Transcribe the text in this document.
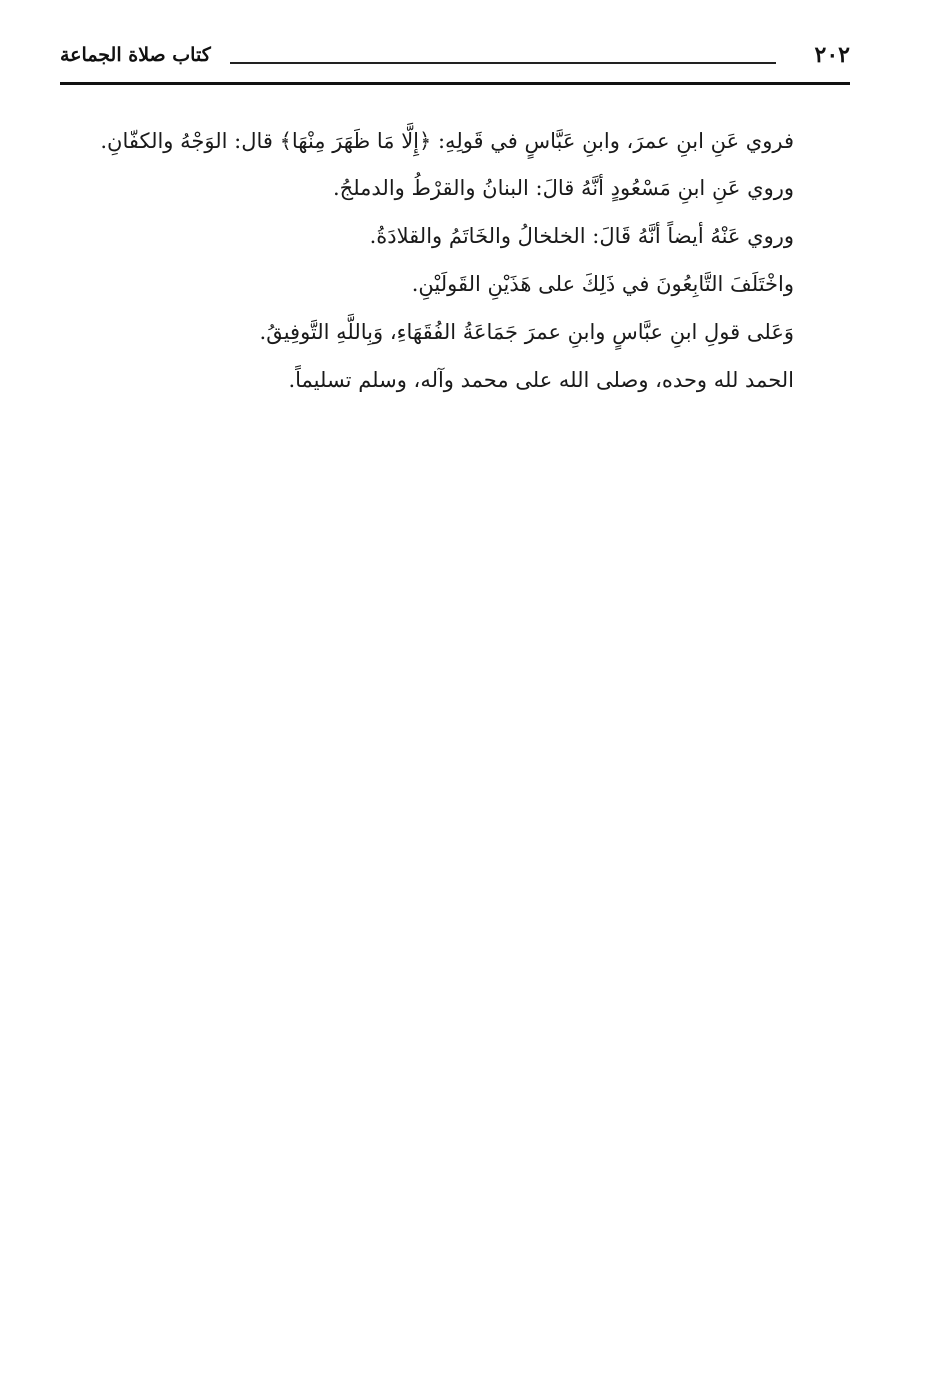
٢٠٢
كتاب صلاة الجماعة

فروي عَنِ ابنِ عمرَ، وابنِ عَبَّاسٍ في قَولِهِ: ﴿إِلَّا مَا ظَهَرَ مِنْهَا﴾ قال: الوَجْهُ والكفّانِ.

وروي عَنِ ابنِ مَسْعُودٍ أنَّهُ قالَ: البنانُ والقرْطُ والدملجُ.

وروي عَنْهُ أيضاً أنَّهُ قَالَ: الخلخالُ والخَاتَمُ والقلادَةُ.

واخْتَلَفَ التَّابِعُونَ في ذَلِكَ على هَذَيْنِ القَولَيْنِ.

وَعَلى قولِ ابنِ عبَّاسٍ وابنِ عمرَ جَمَاعَةُ الفُقَهَاءِ، وَبِاللَّهِ التَّوفِيقُ.

الحمد لله وحده، وصلى الله على محمد وآله، وسلم تسليماً.
